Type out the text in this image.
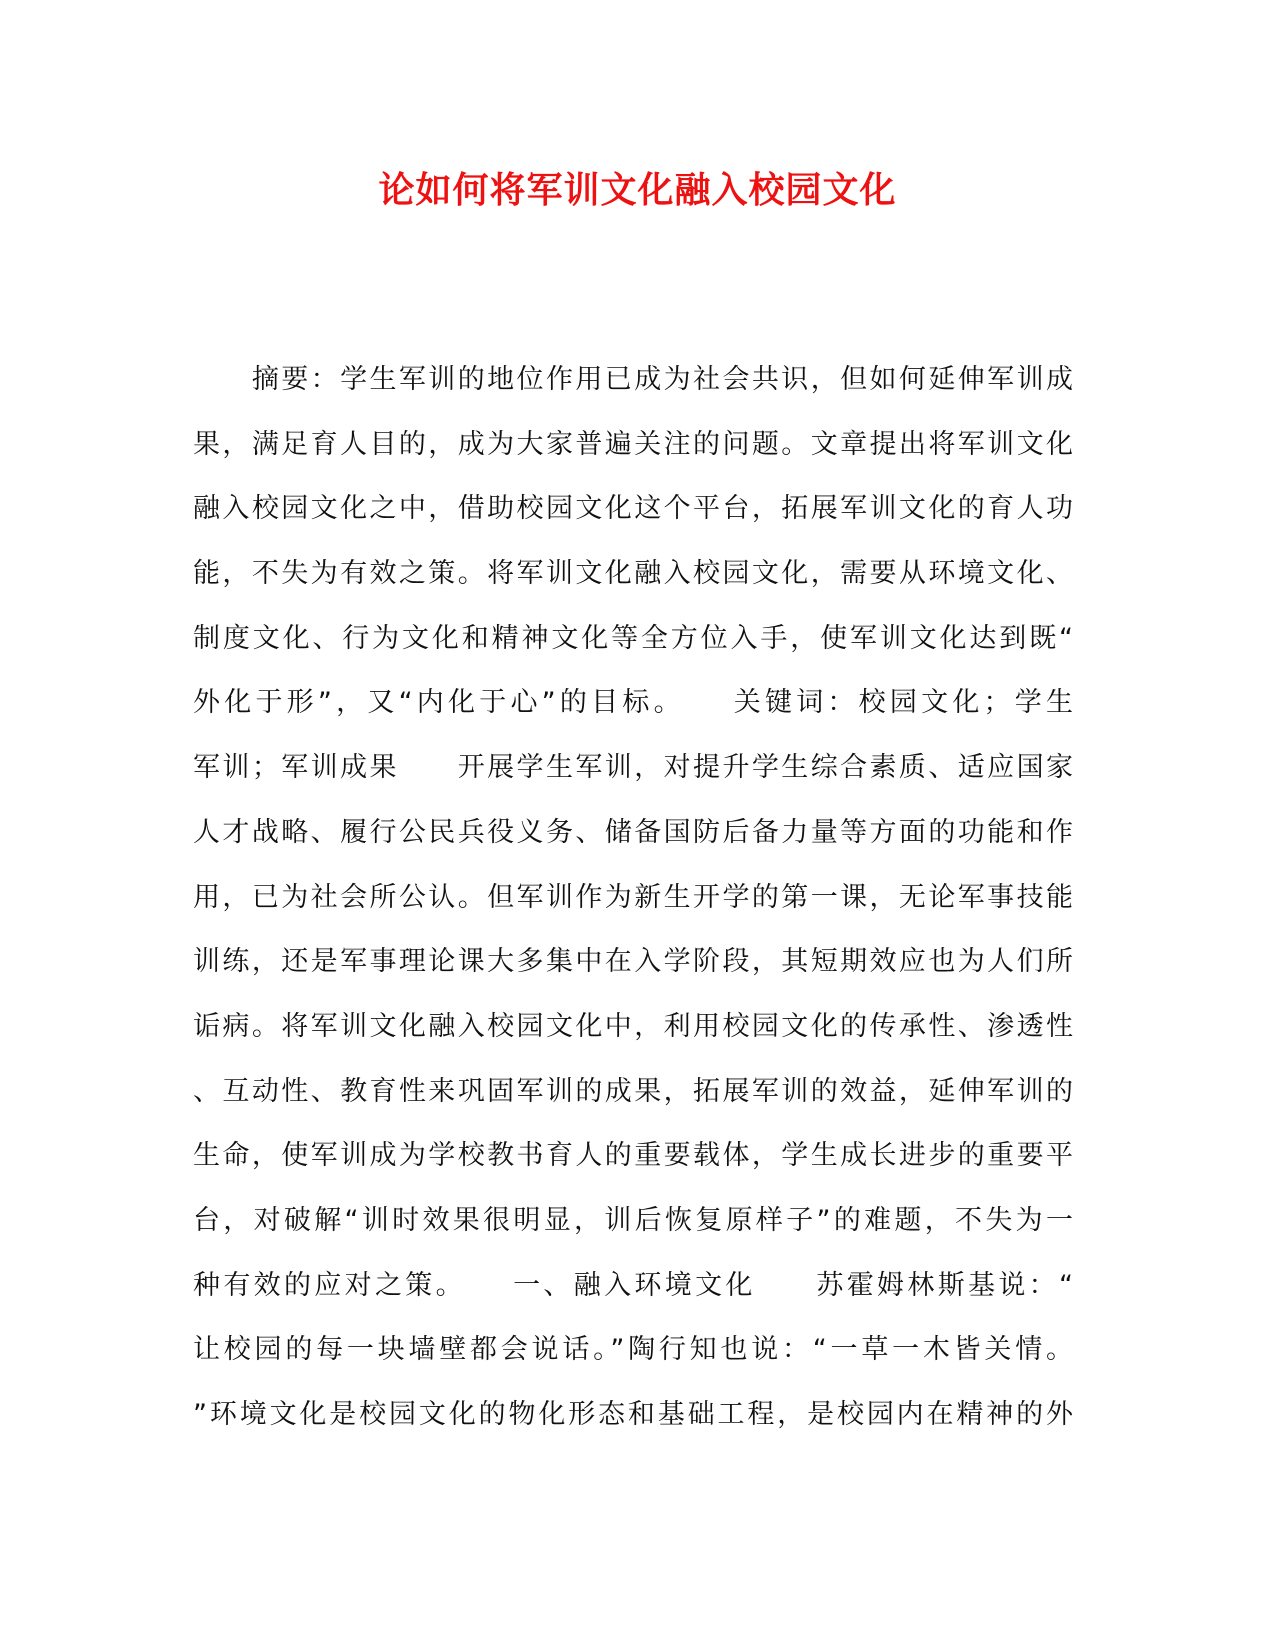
论如何将军训文化融入校园文化
　　摘要：学生军训的地位作用已成为社会共识，但如何延伸军训成
果，满足育人目的，成为大家普遍关注的问题。文章提出将军训文化
融入校园文化之中，借助校园文化这个平台，拓展军训文化的育人功
能，不失为有效之策。将军训文化融入校园文化，需要从环境文化、
制度文化、行为文化和精神文化等全方位入手，使军训文化达到既“
外化于形”，又“内化于心”的目标。　　关键词：校园文化；学生
军训；军训成果　　开展学生军训，对提升学生综合素质、适应国家
人才战略、履行公民兵役义务、储备国防后备力量等方面的功能和作
用，已为社会所公认。但军训作为新生开学的第一课，无论军事技能
训练，还是军事理论课大多集中在入学阶段，其短期效应也为人们所
诟病。将军训文化融入校园文化中，利用校园文化的传承性、渗透性
、互动性、教育性来巩固军训的成果，拓展军训的效益，延伸军训的
生命，使军训成为学校教书育人的重要载体，学生成长进步的重要平
台，对破解“训时效果很明显，训后恢复原样子”的难题，不失为一
种有效的应对之策。　　一、融入环境文化　　苏霍姆林斯基说：“
让校园的每一块墙壁都会说话。”陶行知也说：“一草一木皆关情。
”环境文化是校园文化的物化形态和基础工程，是校园内在精神的外
